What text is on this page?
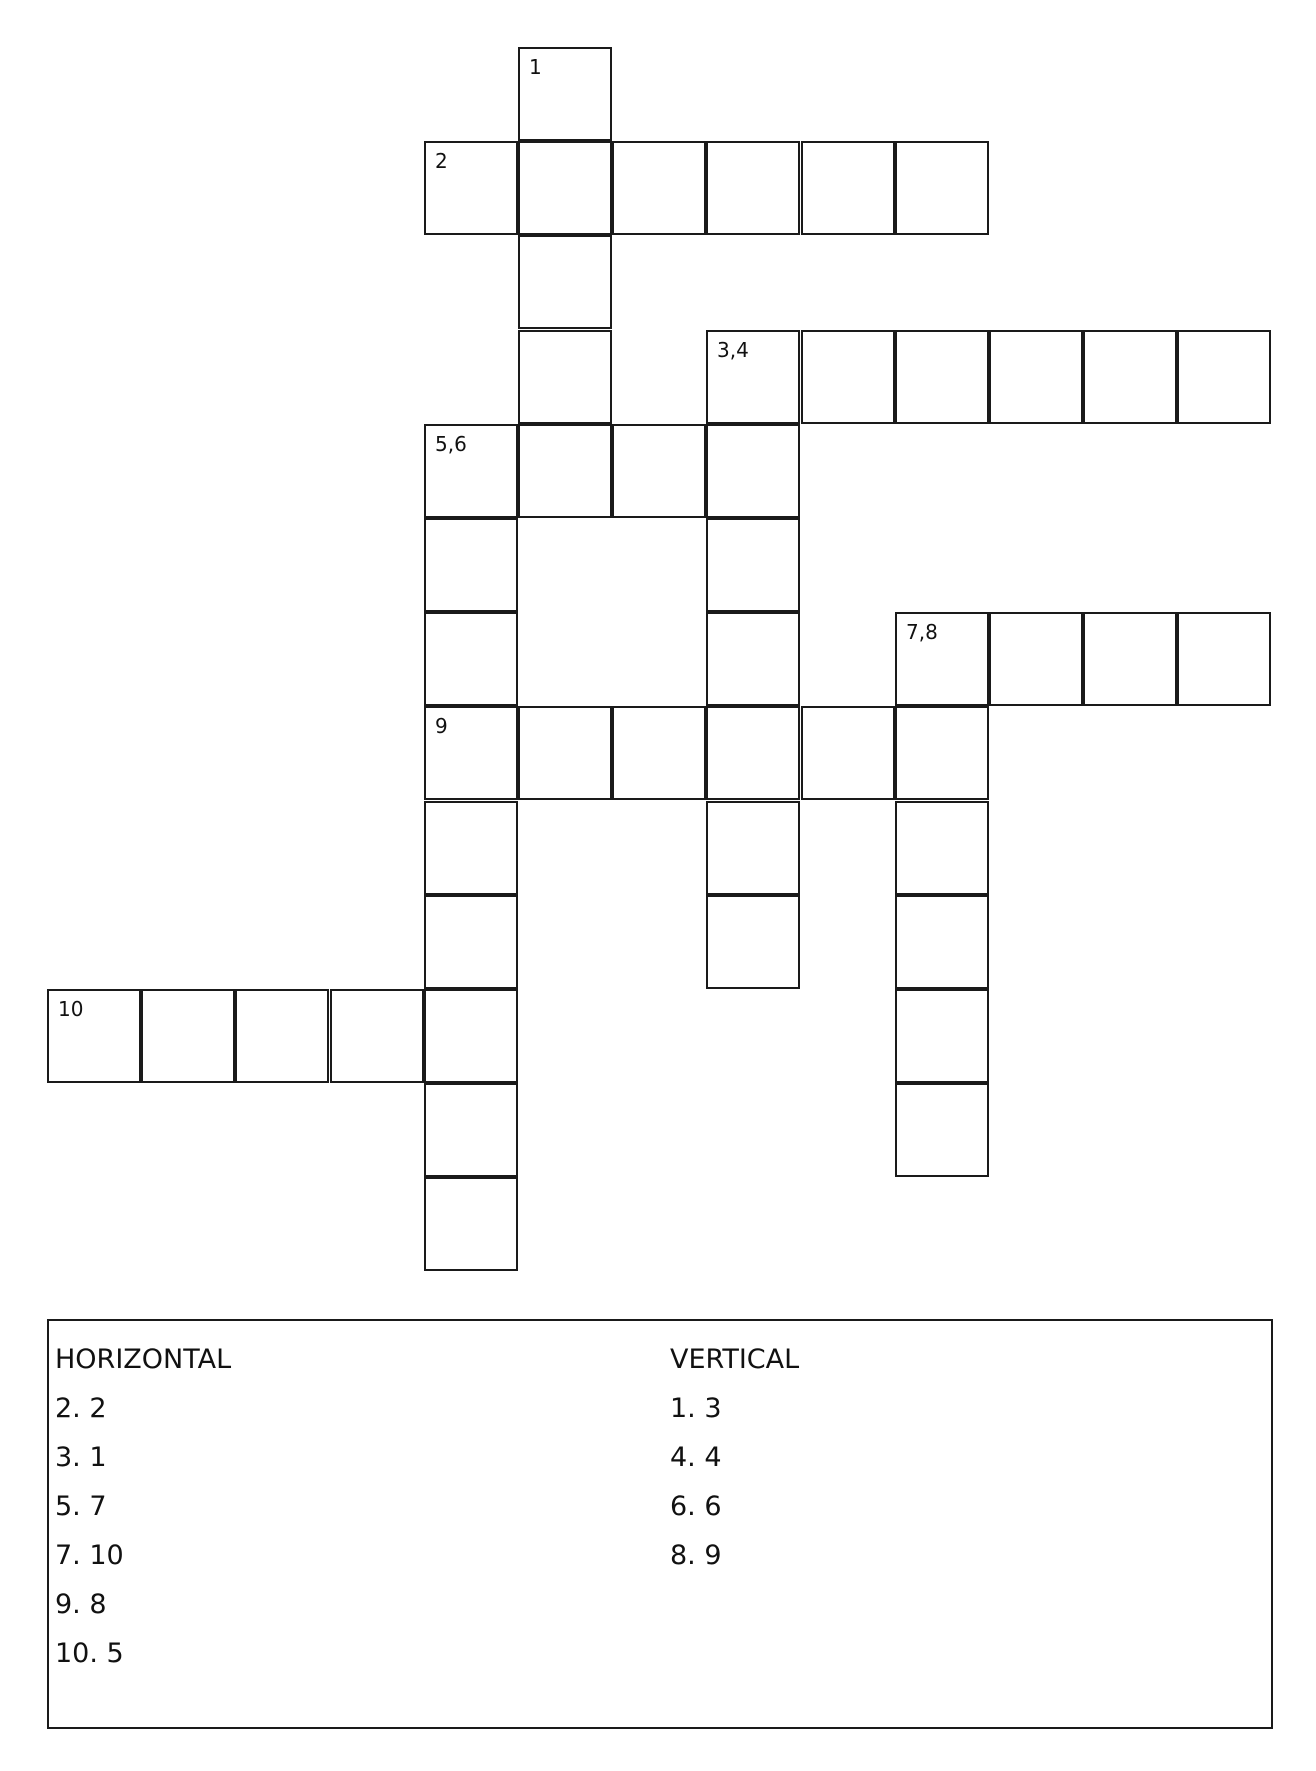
1
2
3,4
5,6
7,8
9
10
HORIZONTAL
2. 2
3. 1
5. 7
7. 10
9. 8
10. 5
VERTICAL
1. 3
4. 4
6. 6
8. 9
